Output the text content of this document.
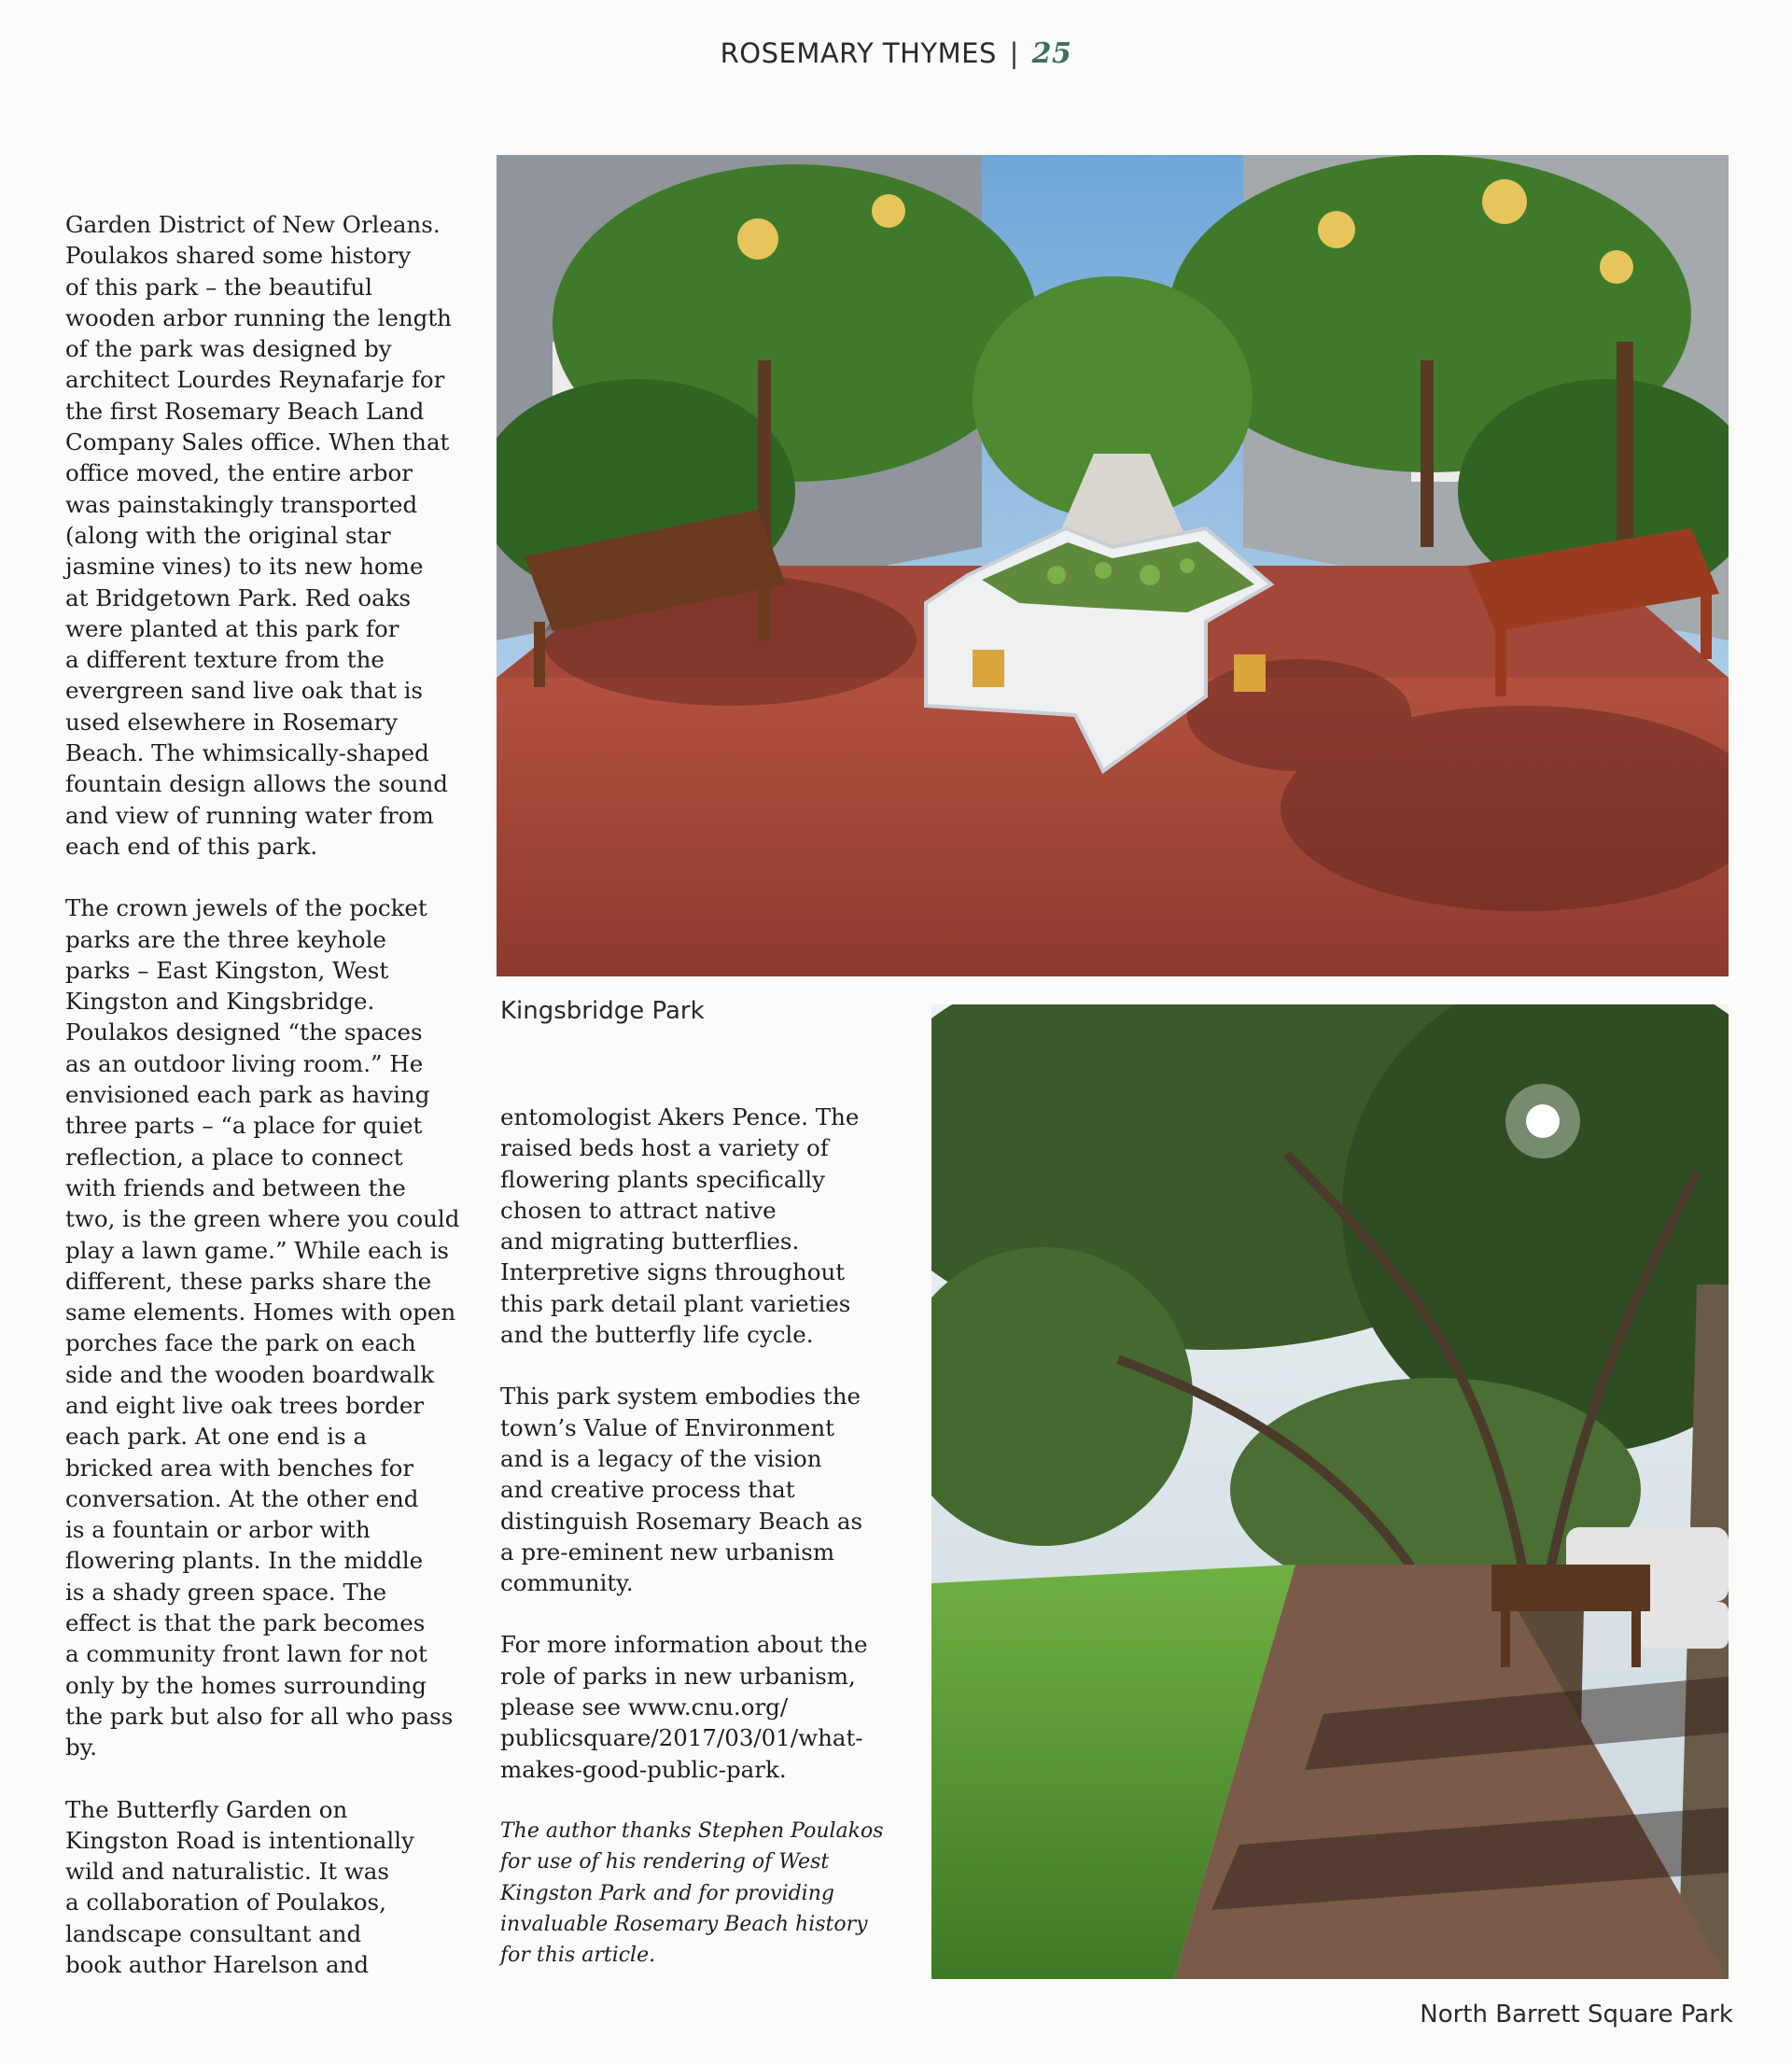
ROSEMARY THYMES | 25

Garden District of New Orleans.
Poulakos shared some history
of this park – the beautiful
wooden arbor running the length
of the park was designed by
architect Lourdes Reynafarje for
the first Rosemary Beach Land
Company Sales office. When that
office moved, the entire arbor
was painstakingly transported
(along with the original star
jasmine vines) to its new home
at Bridgetown Park. Red oaks
were planted at this park for
a different texture from the
evergreen sand live oak that is
used elsewhere in Rosemary
Beach. The whimsically-shaped
fountain design allows the sound
and view of running water from
each end of this park.

The crown jewels of the pocket
parks are the three keyhole
parks – East Kingston, West
Kingston and Kingsbridge.
Poulakos designed “the spaces
as an outdoor living room.” He
envisioned each park as having
three parts – “a place for quiet
reflection, a place to connect
with friends and between the
two, is the green where you could
play a lawn game.” While each is
different, these parks share the
same elements. Homes with open
porches face the park on each
side and the wooden boardwalk
and eight live oak trees border
each park. At one end is a
bricked area with benches for
conversation. At the other end
is a fountain or arbor with
flowering plants. In the middle
is a shady green space. The
effect is that the park becomes
a community front lawn for not
only by the homes surrounding
the park but also for all who pass
by.

The Butterfly Garden on
Kingston Road is intentionally
wild and naturalistic. It was
a collaboration of Poulakos,
landscape consultant and
book author Harelson and

entomologist Akers Pence. The
raised beds host a variety of
flowering plants specifically
chosen to attract native
and migrating butterflies.
Interpretive signs throughout
this park detail plant varieties
and the butterfly life cycle.

This park system embodies the
town’s Value of Environment
and is a legacy of the vision
and creative process that
distinguish Rosemary Beach as
a pre-eminent new urbanism
community.

For more information about the
role of parks in new urbanism,
please see www.cnu.org/
publicsquare/2017/03/01/what-
makes-good-public-park.

The author thanks Stephen Poulakos
for use of his rendering of West
Kingston Park and for providing
invaluable Rosemary Beach history
for this article.

Kingsbridge Park
North Barrett Square Park
